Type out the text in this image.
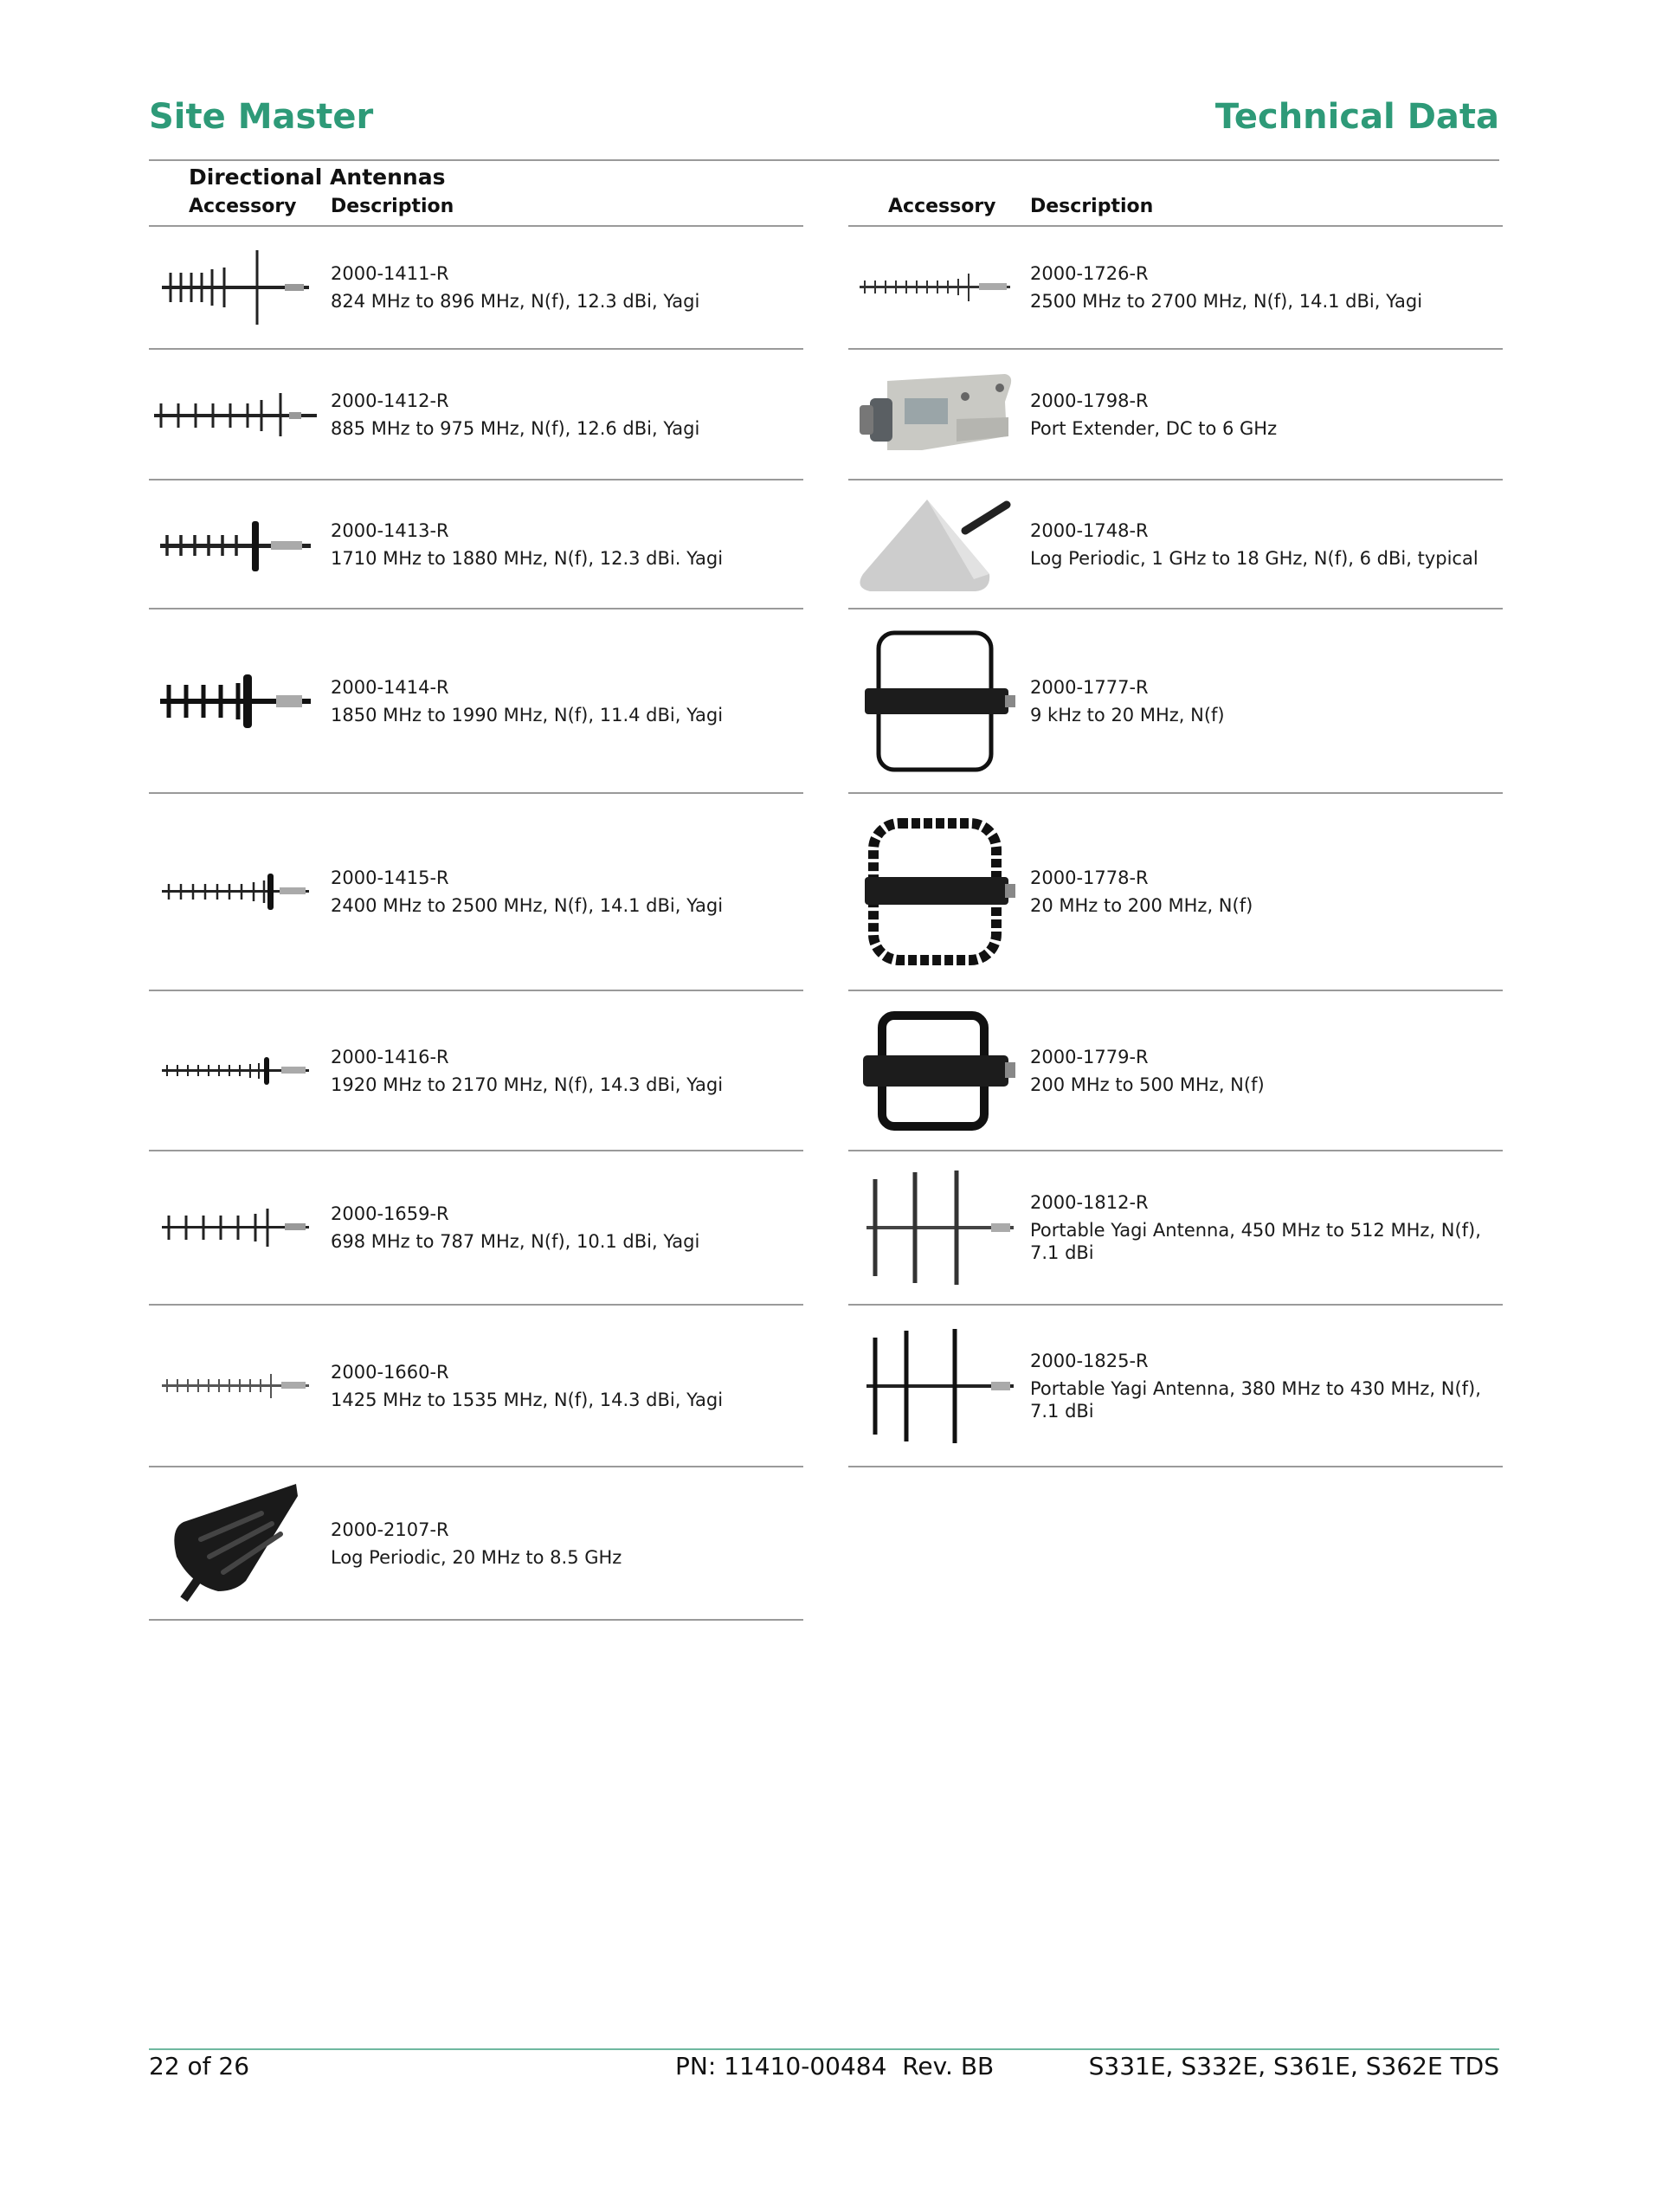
Site Master	Technical Data
Directional Antennas
Accessory Description
2000-1411-R
824 MHz to 896 MHz, N(f), 12.3 dBi, Yagi
2000-1412-R
885 MHz to 975 MHz, N(f), 12.6 dBi, Yagi
2000-1413-R
1710 MHz to 1880 MHz, N(f), 12.3 dBi. Yagi
2000-1414-R
1850 MHz to 1990 MHz, N(f), 11.4 dBi, Yagi
2000-1415-R
2400 MHz to 2500 MHz, N(f), 14.1 dBi, Yagi
2000-1416-R
1920 MHz to 2170 MHz, N(f), 14.3 dBi, Yagi
2000-1659-R
698 MHz to 787 MHz, N(f), 10.1 dBi, Yagi
2000-1660-R
1425 MHz to 1535 MHz, N(f), 14.3 dBi, Yagi
2000-2107-R
Log Periodic, 20 MHz to 8.5 GHz
Accessory Description
2000-1726-R
2500 MHz to 2700 MHz, N(f), 14.1 dBi, Yagi
2000-1798-R
Port Extender, DC to 6 GHz
2000-1748-R
Log Periodic, 1 GHz to 18 GHz, N(f), 6 dBi, typical
2000-1777-R
9 kHz to 20 MHz, N(f)
2000-1778-R
20 MHz to 200 MHz, N(f)
2000-1779-R
200 MHz to 500 MHz, N(f)
2000-1812-R
Portable Yagi Antenna, 450 MHz to 512 MHz, N(f), 7.1 dBi
2000-1825-R
Portable Yagi Antenna, 380 MHz to 430 MHz, N(f), 7.1 dBi
22 of 26	PN: 11410-00484  Rev. BB	S331E, S332E, S361E, S362E TDS
